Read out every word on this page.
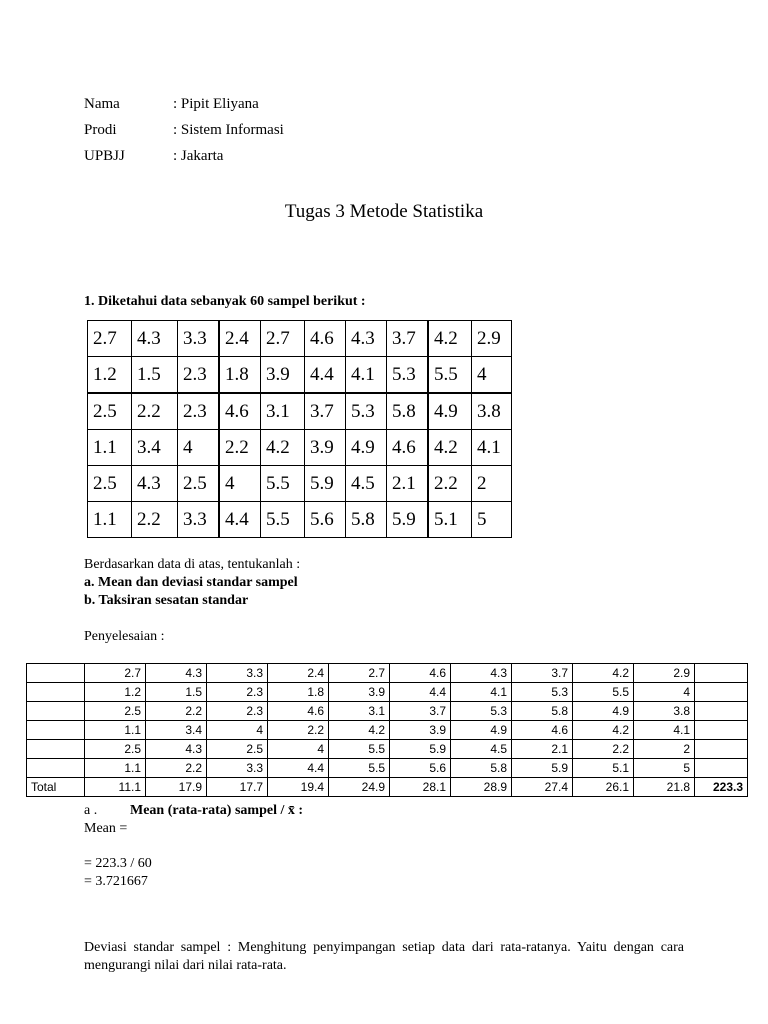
Nama	: Pipit Eliyana
Prodi	: Sistem Informasi
UPBJJ	: Jakarta
Tugas 3 Metode Statistika
1. Diketahui data sebanyak 60 sampel berikut :
2.7	4.3	3.3	2.4	2.7	4.6	4.3	3.7	4.2	2.9
1.2	1.5	2.3	1.8	3.9	4.4	4.1	5.3	5.5	4
2.5	2.2	2.3	4.6	3.1	3.7	5.3	5.8	4.9	3.8
1.1	3.4	4	2.2	4.2	3.9	4.9	4.6	4.2	4.1
2.5	4.3	2.5	4	5.5	5.9	4.5	2.1	2.2	2
1.1	2.2	3.3	4.4	5.5	5.6	5.8	5.9	5.1	5
Berdasarkan data di atas, tentukanlah :
a. Mean dan deviasi standar sampel
b. Taksiran sesatan standar
Penyelesaian :
	2.7	4.3	3.3	2.4	2.7	4.6	4.3	3.7	4.2	2.9	
	1.2	1.5	2.3	1.8	3.9	4.4	4.1	5.3	5.5	4	
	2.5	2.2	2.3	4.6	3.1	3.7	5.3	5.8	4.9	3.8	
	1.1	3.4	4	2.2	4.2	3.9	4.9	4.6	4.2	4.1	
	2.5	4.3	2.5	4	5.5	5.9	4.5	2.1	2.2	2	
	1.1	2.2	3.3	4.4	5.5	5.6	5.8	5.9	5.1	5	
Total	11.1	17.9	17.7	19.4	24.9	28.1	28.9	27.4	26.1	21.8	223.3
a . Mean (rata-rata) sampel / x̄ :
Mean =
= 223.3 / 60
= 3.721667
Deviasi standar sampel : Menghitung penyimpangan setiap data dari rata-ratanya. Yaitu dengan cara mengurangi nilai dari nilai rata-rata.
